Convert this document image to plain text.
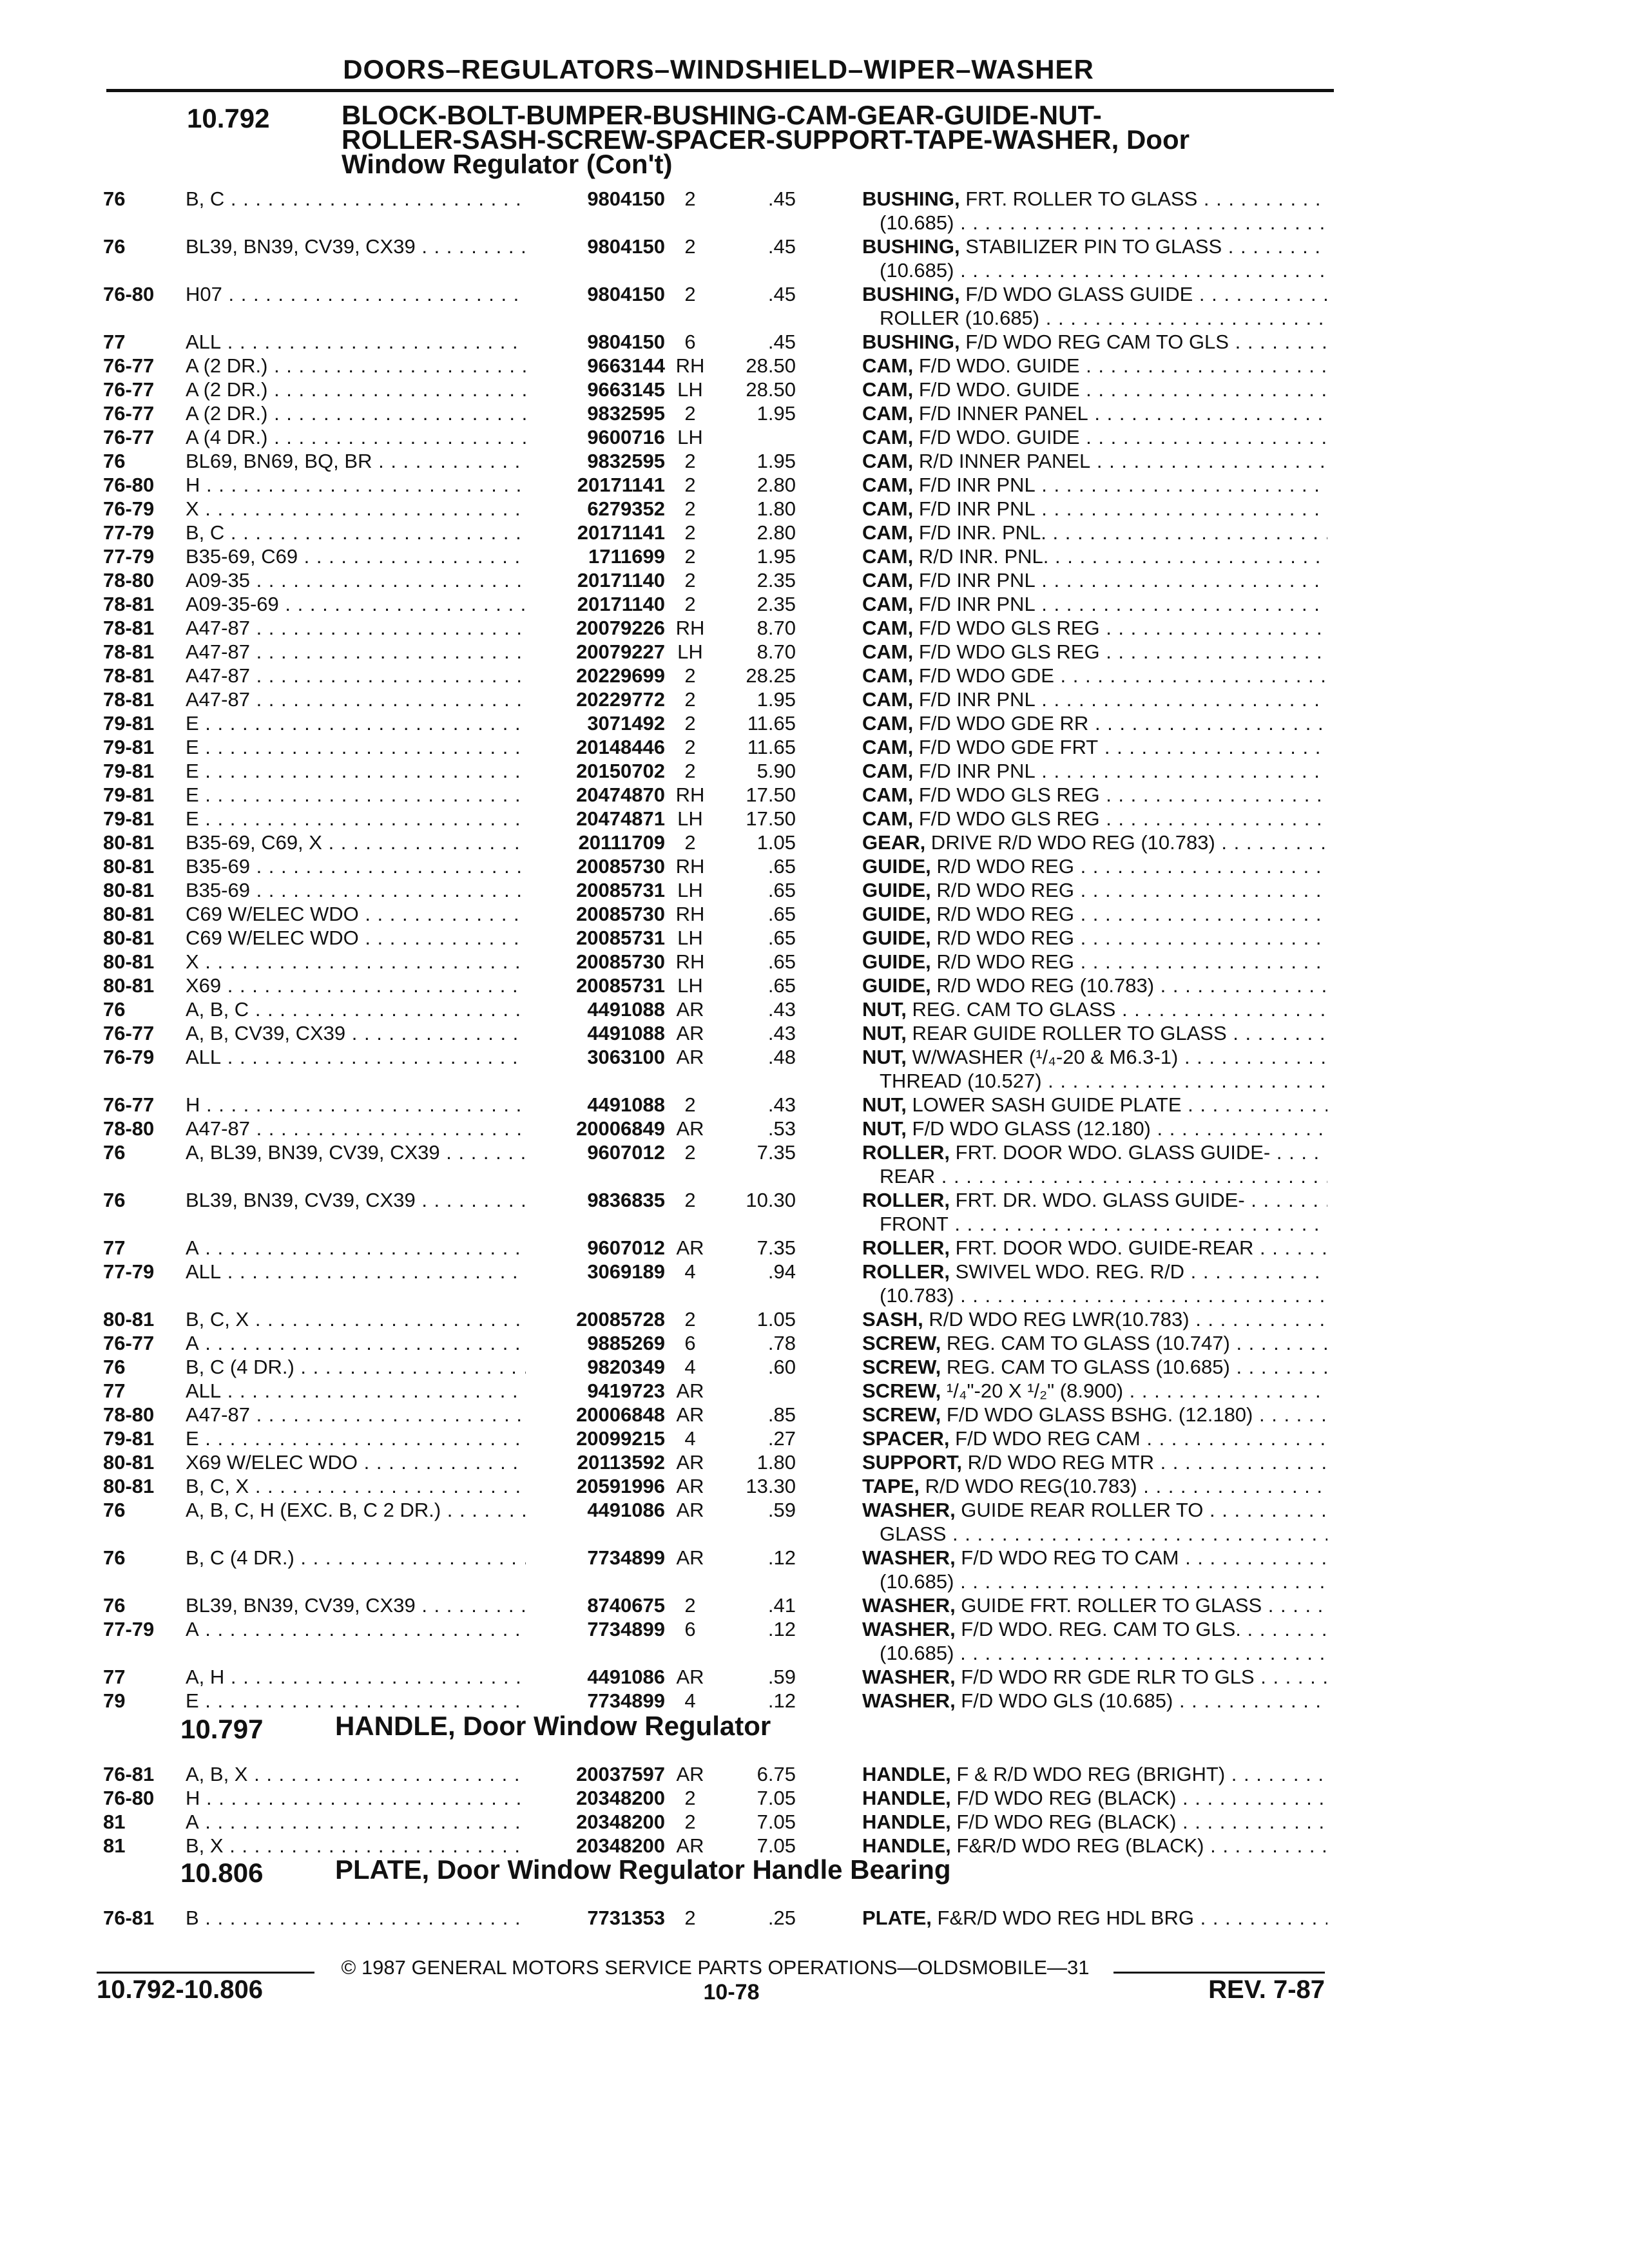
DOORS–REGULATORS–WINDSHIELD–WIPER–WASHER
10.792	BLOCK-BOLT-BUMPER-BUSHING-CAM-GEAR-GUIDE-NUT-
ROLLER-SASH-SCREW-SPACER-SUPPORT-TAPE-WASHER, Door
Window Regulator (Con't)
76	B, C . . .	9804150 2	.45	BUSHING, FRT. ROLLER TO GLASS . . .
(10.685) . . .
76	BL39, BN39, CV39, CX39 . . .	9804150 2	.45	BUSHING, STABILIZER PIN TO GLASS . . .
(10.685) . . .
76-80 H07 . . .	9804150 2	.45	BUSHING, F/D WDO GLASS GUIDE . . .
ROLLER (10.685) . . .
77	ALL . . .	9804150 6	.45	BUSHING, F/D WDO REG CAM TO GLS . . .
76-77 A (2 DR.) . . .	9663144 RH	28.50	CAM, F/D WDO. GUIDE . . .
76-77 A (2 DR.) . . .	9663145 LH	28.50	CAM, F/D WDO. GUIDE . . .
76-77 A (2 DR.) . . .	9832595 2	1.95	CAM, F/D INNER PANEL . . .
76-77 A (4 DR.) . . .	9600716 LH	CAM, F/D WDO. GUIDE . . .
76	BL69, BN69, BQ, BR . . .	9832595 2	1.95	CAM, R/D INNER PANEL . . .
76-80 H . . .	20171141 2	2.80	CAM, F/D INR PNL . . .
76-79 X . . .	6279352 2	1.80	CAM, F/D INR PNL . . .
77-79 B, C . . .	20171141 2	2.80	CAM, F/D INR. PNL. . . .
77-79 B35-69, C69 . . .	1711699 2	1.95	CAM, R/D INR. PNL. . . .
78-80 A09-35 . . .	20171140 2	2.35	CAM, F/D INR PNL . . .
78-81 A09-35-69 . . .	20171140 2	2.35	CAM, F/D INR PNL . . .
78-81 A47-87 . . .	20079226 RH	8.70	CAM, F/D WDO GLS REG . . .
78-81 A47-87 . . .	20079227 LH	8.70	CAM, F/D WDO GLS REG . . .
78-81 A47-87 . . .	20229699 2	28.25	CAM, F/D WDO GDE . . .
78-81 A47-87 . . .	20229772 2	1.95	CAM, F/D INR PNL . . .
79-81 E . . .	3071492 2	11.65	CAM, F/D WDO GDE RR . . .
79-81 E . . .	20148446 2	11.65	CAM, F/D WDO GDE FRT . . .
79-81 E . . .	20150702 2	5.90	CAM, F/D INR PNL . . .
79-81 E . . .	20474870 RH	17.50	CAM, F/D WDO GLS REG . . .
79-81 E . . .	20474871 LH	17.50	CAM, F/D WDO GLS REG . . .
80-81 B35-69, C69, X . . .	20111709 2	1.05	GEAR, DRIVE R/D WDO REG (10.783) . . .
80-81 B35-69 . . .	20085730 RH	.65	GUIDE, R/D WDO REG . . .
80-81 B35-69 . . .	20085731 LH	.65	GUIDE, R/D WDO REG . . .
80-81 C69 W/ELEC WDO . . .	20085730 RH	.65	GUIDE, R/D WDO REG . . .
80-81 C69 W/ELEC WDO . . .	20085731 LH	.65	GUIDE, R/D WDO REG . . .
80-81 X . . .	20085730 RH	.65	GUIDE, R/D WDO REG . . .
80-81 X69 . . .	20085731 LH	.65	GUIDE, R/D WDO REG (10.783) . . .
76	A, B, C . . .	4491088 AR	.43	NUT, REG. CAM TO GLASS . . .
76-77 A, B, CV39, CX39 . . .	4491088 AR	.43	NUT, REAR GUIDE ROLLER TO GLASS . . .
76-79 ALL . . .	3063100 AR	.48	NUT, W/WASHER (¹/₄-20 & M6.3-1) . . .
THREAD (10.527) . . .
76-77 H . . .	4491088 2	.43	NUT, LOWER SASH GUIDE PLATE . . .
78-80 A47-87 . . .	20006849 AR	.53	NUT, F/D WDO GLASS (12.180) . . .
76	A, BL39, BN39, CV39, CX39 . . .	9607012 2	7.35	ROLLER, FRT. DOOR WDO. GLASS GUIDE- . . .
REAR . . .
76	BL39, BN39, CV39, CX39 . . .	9836835 2	10.30	ROLLER, FRT. DR. WDO. GLASS GUIDE- . . .
FRONT . . .
77	A . . .	9607012 AR	7.35	ROLLER, FRT. DOOR WDO. GUIDE-REAR . . .
77-79 ALL . . .	3069189 4	.94	ROLLER, SWIVEL WDO. REG. R/D . . .
(10.783) . . .
80-81 B, C, X . . .	20085728 2	1.05	SASH, R/D WDO REG LWR(10.783) . . .
76-77 A . . .	9885269 6	.78	SCREW, REG. CAM TO GLASS (10.747) . . .
76	B, C (4 DR.) . . .	9820349 4	.60	SCREW, REG. CAM TO GLASS (10.685) . . .
77	ALL . . .	9419723 AR	SCREW, ¹/₄"-20 X ¹/₂" (8.900) . . .
78-80 A47-87 . . .	20006848 AR	.85	SCREW, F/D WDO GLASS BSHG. (12.180) . . .
79-81 E . . .	20099215 4	.27	SPACER, F/D WDO REG CAM . . .
80-81 X69 W/ELEC WDO . . .	20113592 AR	1.80	SUPPORT, R/D WDO REG MTR . . .
80-81 B, C, X . . .	20591996 AR	13.30	TAPE, R/D WDO REG(10.783) . . .
76	A, B, C, H (EXC. B, C 2 DR.) . . .	4491086 AR	.59	WASHER, GUIDE REAR ROLLER TO . . .
GLASS . . .
76	B, C (4 DR.) . . .	7734899 AR	.12	WASHER, F/D WDO REG TO CAM . . .
(10.685) . . .
76	BL39, BN39, CV39, CX39 . . .	8740675 2	.41	WASHER, GUIDE FRT. ROLLER TO GLASS . . .
77-79 A . . .	7734899 6	.12	WASHER, F/D WDO. REG. CAM TO GLS. . . .
(10.685) . . .
77	A, H . . .	4491086 AR	.59	WASHER, F/D WDO RR GDE RLR TO GLS . . .
79	E . . .	7734899 4	.12	WASHER, F/D WDO GLS (10.685) . . .
10.797	HANDLE, Door Window Regulator
76-81 A, B, X . . .	20037597 AR	6.75	HANDLE, F & R/D WDO REG (BRIGHT) . . .
76-80 H . . .	20348200 2	7.05	HANDLE, F/D WDO REG (BLACK) . . .
81	A . . .	20348200 2	7.05	HANDLE, F/D WDO REG (BLACK) . . .
81	B, X . . .	20348200 AR	7.05	HANDLE, F&R/D WDO REG (BLACK) . . .
10.806	PLATE, Door Window Regulator Handle Bearing
76-81 B . . .	7731353 2	.25	PLATE, F&R/D WDO REG HDL BRG . . .
© 1987 GENERAL MOTORS SERVICE PARTS OPERATIONS—OLDSMOBILE—31
10.792-10.806	10-78	REV. 7-87
